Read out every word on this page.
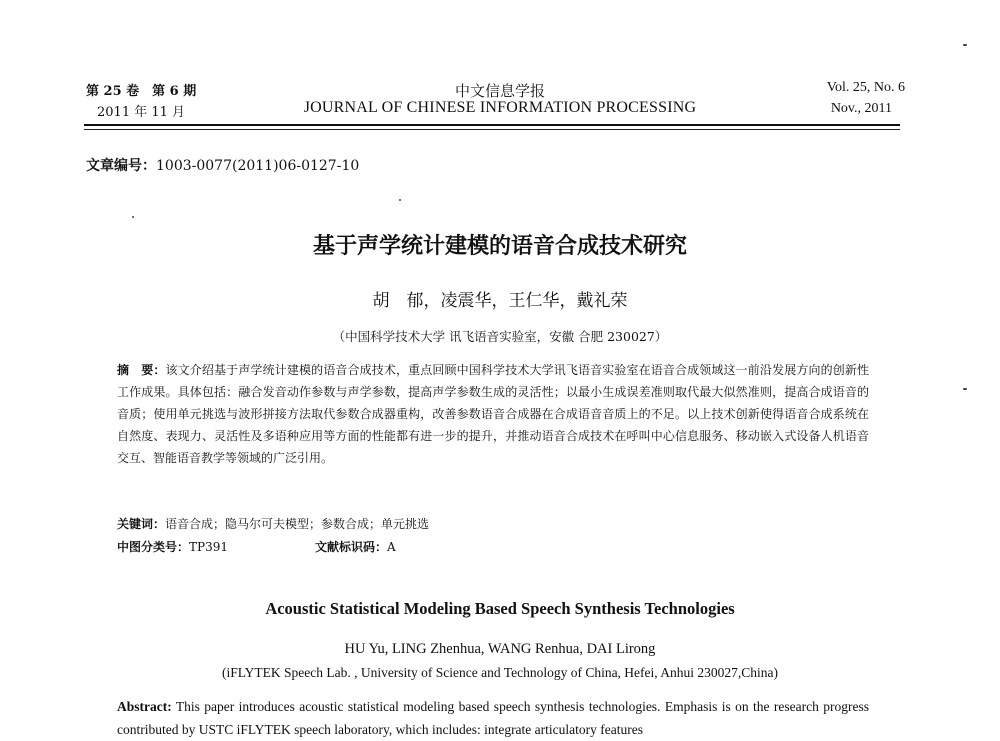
第 25 卷　第 6 期
2011 年 11 月
中文信息学报
JOURNAL OF CHINESE INFORMATION PROCESSING
Vol. 25, No. 6
Nov., 2011
文章编号：1003-0077(2011)06-0127-10
基于声学统计建模的语音合成技术研究
胡　郁，凌震华，王仁华，戴礼荣
（中国科学技术大学 讯飞语音实验室，安徽 合肥 230027）
摘　要：该文介绍基于声学统计建模的语音合成技术，重点回顾中国科学技术大学讯飞语音实验室在语音合成领域这一前沿发展方向的创新性工作成果。具体包括：融合发音动作参数与声学参数，提高声学参数生成的灵活性；以最小生成误差准则取代最大似然准则，提高合成语音的音质；使用单元挑选与波形拼接方法取代参数合成器重构，改善参数语音合成器在合成语音音质上的不足。以上技术创新使得语音合成系统在自然度、表现力、灵活性及多语种应用等方面的性能都有进一步的提升，并推动语音合成技术在呼叫中心信息服务、移动嵌入式设备人机语音交互、智能语音教学等领域的广泛引用。
关键词：语音合成；隐马尔可夫模型；参数合成；单元挑选
中图分类号：TP391	文献标识码：A
Acoustic Statistical Modeling Based Speech Synthesis Technologies
HU Yu, LING Zhenhua, WANG Renhua, DAI Lirong
(iFLYTEK Speech Lab. , University of Science and Technology of China, Hefei, Anhui 230027,China)
Abstract: This paper introduces acoustic statistical modeling based speech synthesis technologies. Emphasis is on the research progress contributed by USTC iFLYTEK speech laboratory, which includes: integrate articulatory features
